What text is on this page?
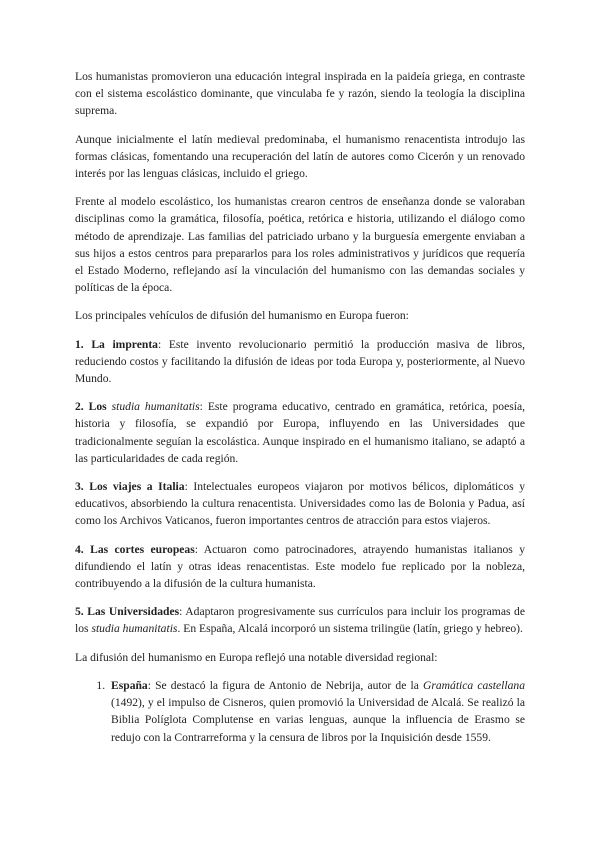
Los humanistas promovieron una educación integral inspirada en la paideía griega, en contraste con el sistema escolástico dominante, que vinculaba fe y razón, siendo la teología la disciplina suprema.

Aunque inicialmente el latín medieval predominaba, el humanismo renacentista introdujo las formas clásicas, fomentando una recuperación del latín de autores como Cicerón y un renovado interés por las lenguas clásicas, incluido el griego.

Frente al modelo escolástico, los humanistas crearon centros de enseñanza donde se valoraban disciplinas como la gramática, filosofía, poética, retórica e historia, utilizando el diálogo como método de aprendizaje. Las familias del patriciado urbano y la burguesía emergente enviaban a sus hijos a estos centros para prepararlos para los roles administrativos y jurídicos que requería el Estado Moderno, reflejando así la vinculación del humanismo con las demandas sociales y políticas de la época.

Los principales vehículos de difusión del humanismo en Europa fueron:

1. La imprenta: Este invento revolucionario permitió la producción masiva de libros, reduciendo costos y facilitando la difusión de ideas por toda Europa y, posteriormente, al Nuevo Mundo.

2. Los studia humanitatis: Este programa educativo, centrado en gramática, retórica, poesía, historia y filosofía, se expandió por Europa, influyendo en las Universidades que tradicionalmente seguían la escolástica. Aunque inspirado en el humanismo italiano, se adaptó a las particularidades de cada región.

3. Los viajes a Italia: Intelectuales europeos viajaron por motivos bélicos, diplomáticos y educativos, absorbiendo la cultura renacentista. Universidades como las de Bolonia y Padua, así como los Archivos Vaticanos, fueron importantes centros de atracción para estos viajeros.

4. Las cortes europeas: Actuaron como patrocinadores, atrayendo humanistas italianos y difundiendo el latín y otras ideas renacentistas. Este modelo fue replicado por la nobleza, contribuyendo a la difusión de la cultura humanista.

5. Las Universidades: Adaptaron progresivamente sus currículos para incluir los programas de los studia humanitatis. En España, Alcalá incorporó un sistema trilingüe (latín, griego y hebreo).

La difusión del humanismo en Europa reflejó una notable diversidad regional:

1. España: Se destacó la figura de Antonio de Nebrija, autor de la Gramática castellana (1492), y el impulso de Cisneros, quien promovió la Universidad de Alcalá. Se realizó la Biblia Políglota Complutense en varias lenguas, aunque la influencia de Erasmo se redujo con la Contrarreforma y la censura de libros por la Inquisición desde 1559.
